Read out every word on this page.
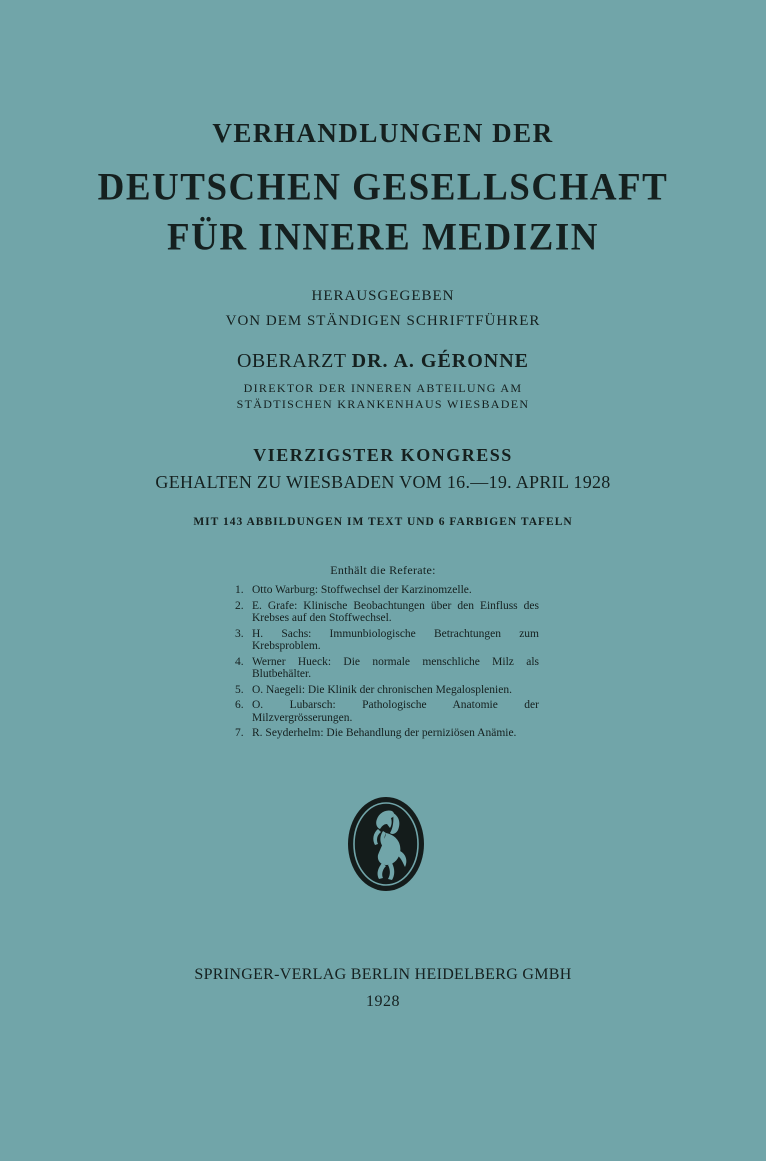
VERHANDLUNGEN DER
DEUTSCHEN GESELLSCHAFT
FÜR INNERE MEDIZIN
HERAUSGEGEBEN
VON DEM STÄNDIGEN SCHRIFTFÜHRER
OBERARZT DR. A. GÉRONNE
DIREKTOR DER INNEREN ABTEILUNG AM
STÄDTISCHEN KRANKENHAUS WIESBADEN
VIERZIGSTER KONGRESS
GEHALTEN ZU WIESBADEN VOM 16.—19. APRIL 1928
MIT 143 ABBILDUNGEN IM TEXT UND 6 FARBIGEN TAFELN
Enthält die Referate:
1. Otto Warburg: Stoffwechsel der Karzinomzelle.
2. E. Grafe: Klinische Beobachtungen über den Einfluss des Krebses auf den Stoffwechsel.
3. H. Sachs: Immunbiologische Betrachtungen zum Krebsproblem.
4. Werner Hueck: Die normale menschliche Milz als Blutbehälter.
5. O. Naegeli: Die Klinik der chronischen Megalosplenien.
6. O. Lubarsch: Pathologische Anatomie der Milzvergrösserungen.
7. R. Seyderhelm: Die Behandlung der perniziösen Anämie.
SPRINGER-VERLAG BERLIN HEIDELBERG GMBH
1928
